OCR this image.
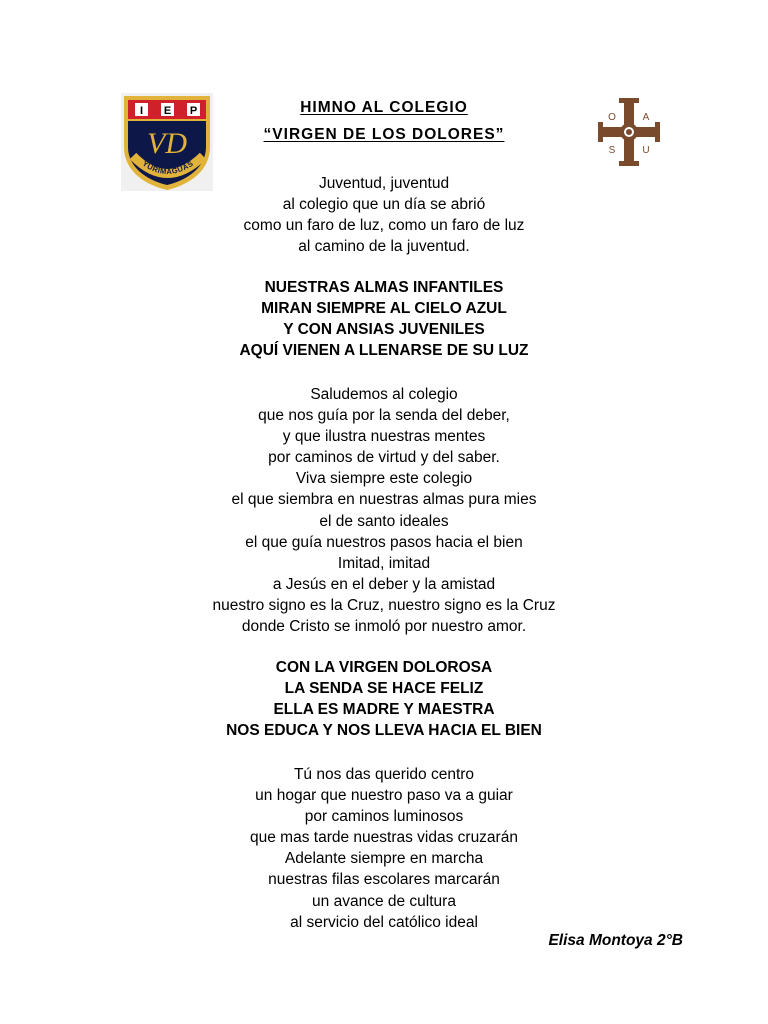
I E P
VD
YURIMAGUAS
HIMNO AL COLEGIO
“VIRGEN DE LOS DOLORES”
O	A
S	U
Juventud, juventud
al colegio que un día se abrió
como un faro de luz, como un faro de luz
al camino de la juventud.
NUESTRAS ALMAS INFANTILES
MIRAN SIEMPRE AL CIELO AZUL
Y CON ANSIAS JUVENILES
AQUÍ VIENEN A LLENARSE DE SU LUZ
Saludemos al colegio
que nos guía por la senda del deber,
y que ilustra nuestras mentes
por caminos de virtud y del saber.
Viva siempre este colegio
el que siembra en nuestras almas pura mies
el de santo ideales
el que guía nuestros pasos hacia el bien
Imitad, imitad
a Jesús en el deber y la amistad
nuestro signo es la Cruz, nuestro signo es la Cruz
donde Cristo se inmoló por nuestro amor.
CON LA VIRGEN DOLOROSA
LA SENDA SE HACE FELIZ
ELLA ES MADRE Y MAESTRA
NOS EDUCA Y NOS LLEVA HACIA EL BIEN
Tú nos das querido centro
un hogar que nuestro paso va a guiar
por caminos luminosos
que mas tarde nuestras vidas cruzarán
Adelante siempre en marcha
nuestras filas escolares marcarán
un avance de cultura
al servicio del católico ideal
Elisa Montoya 2°B
